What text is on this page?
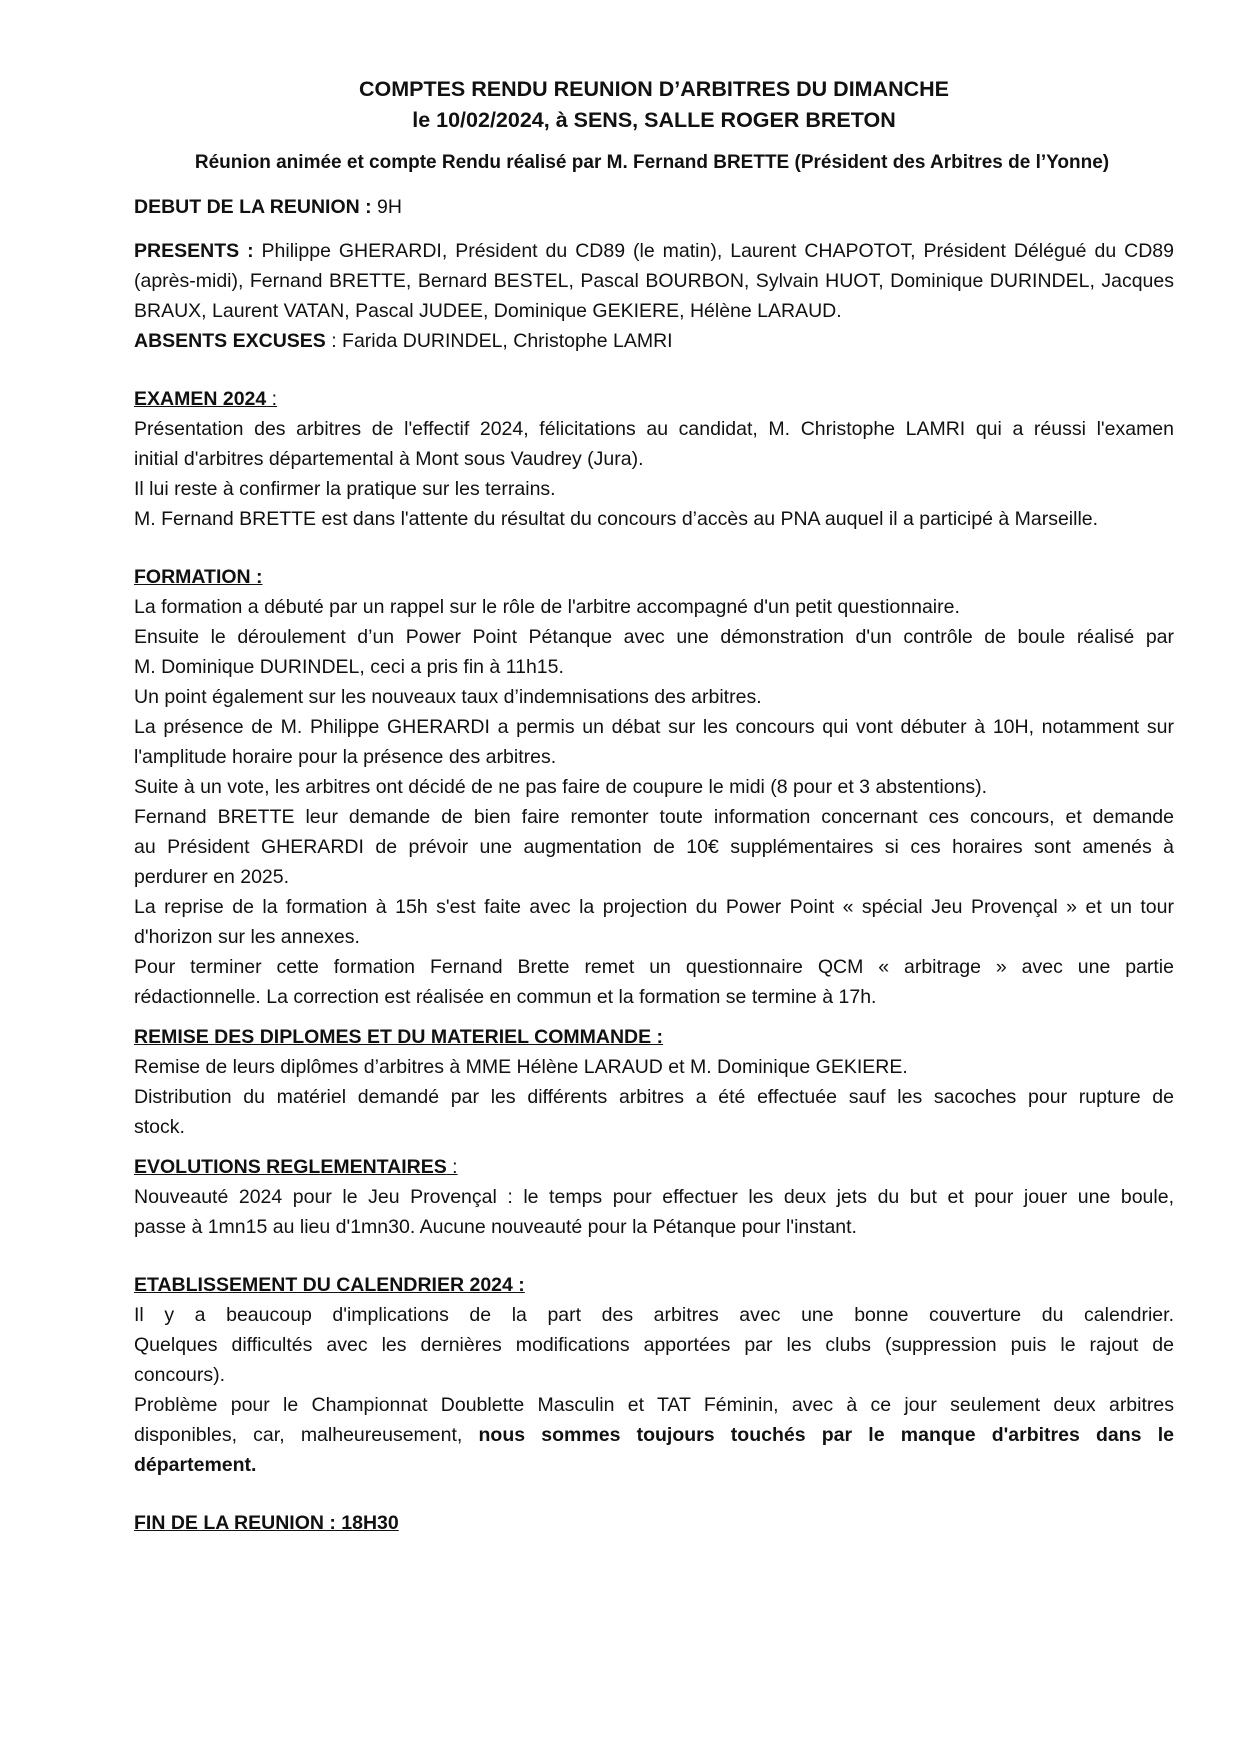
COMPTES RENDU REUNION D’ARBITRES DU DIMANCHE

le 10/02/2024, à SENS, SALLE ROGER BRETON

Réunion animée et compte Rendu réalisé par M. Fernand BRETTE (Président des Arbitres de l’Yonne)

DEBUT DE LA REUNION : 9H

PRESENTS : Philippe GHERARDI, Président du CD89 (le matin), Laurent CHAPOTOT, Président Délégué du CD89

(après-midi), Fernand BRETTE, Bernard BESTEL, Pascal BOURBON, Sylvain HUOT, Dominique DURINDEL, Jacques

BRAUX, Laurent VATAN, Pascal JUDEE, Dominique GEKIERE, Hélène LARAUD.

ABSENTS EXCUSES : Farida DURINDEL, Christophe LAMRI

EXAMEN 2024 :

Présentation des arbitres de l'effectif 2024, félicitations au candidat, M. Christophe LAMRI qui a réussi l'examen

initial d'arbitres départemental à Mont sous Vaudrey (Jura).

Il lui reste à confirmer la pratique sur les terrains.

M. Fernand BRETTE est dans l'attente du résultat du concours d’accès au PNA auquel il a participé à Marseille.

FORMATION :

La formation a débuté par un rappel sur le rôle de l'arbitre accompagné d'un petit questionnaire.

Ensuite le déroulement d’un Power Point Pétanque avec une démonstration d'un contrôle de boule réalisé par

M. Dominique DURINDEL, ceci a pris fin à 11h15.

Un point également sur les nouveaux taux d’indemnisations des arbitres.

La présence de M. Philippe GHERARDI a permis un débat sur les concours qui vont débuter à 10H, notamment sur

l'amplitude horaire pour la présence des arbitres.

Suite à un vote, les arbitres ont décidé de ne pas faire de coupure le midi (8 pour et 3 abstentions).

Fernand BRETTE leur demande de bien faire remonter toute information concernant ces concours, et demande

au Président GHERARDI de prévoir une augmentation de 10€ supplémentaires si ces horaires sont amenés à

perdurer en 2025.

La reprise de la formation à 15h s'est faite avec la projection du Power Point « spécial Jeu Provençal » et un tour

d'horizon sur les annexes.

Pour terminer cette formation Fernand Brette remet un questionnaire QCM « arbitrage » avec une partie

rédactionnelle. La correction est réalisée en commun et la formation se termine à 17h.

REMISE DES DIPLOMES ET DU MATERIEL COMMANDE :

Remise de leurs diplômes d’arbitres à MME Hélène LARAUD et M. Dominique GEKIERE.

Distribution du matériel demandé par les différents arbitres a été effectuée sauf les sacoches pour rupture de

stock.

EVOLUTIONS REGLEMENTAIRES :

Nouveauté 2024 pour le Jeu Provençal : le temps pour effectuer les deux jets du but et pour jouer une boule,

passe à 1mn15 au lieu d'1mn30. Aucune nouveauté pour la Pétanque pour l'instant.

ETABLISSEMENT DU CALENDRIER 2024 :

Il y a beaucoup d'implications de la part des arbitres avec une bonne couverture du calendrier.

Quelques difficultés avec les dernières modifications apportées par les clubs (suppression puis le rajout de

concours).

Problème pour le Championnat Doublette Masculin et TAT Féminin, avec à ce jour seulement deux arbitres

disponibles, car, malheureusement, nous sommes toujours touchés par le manque d'arbitres dans le

département.

FIN DE LA REUNION : 18H30
